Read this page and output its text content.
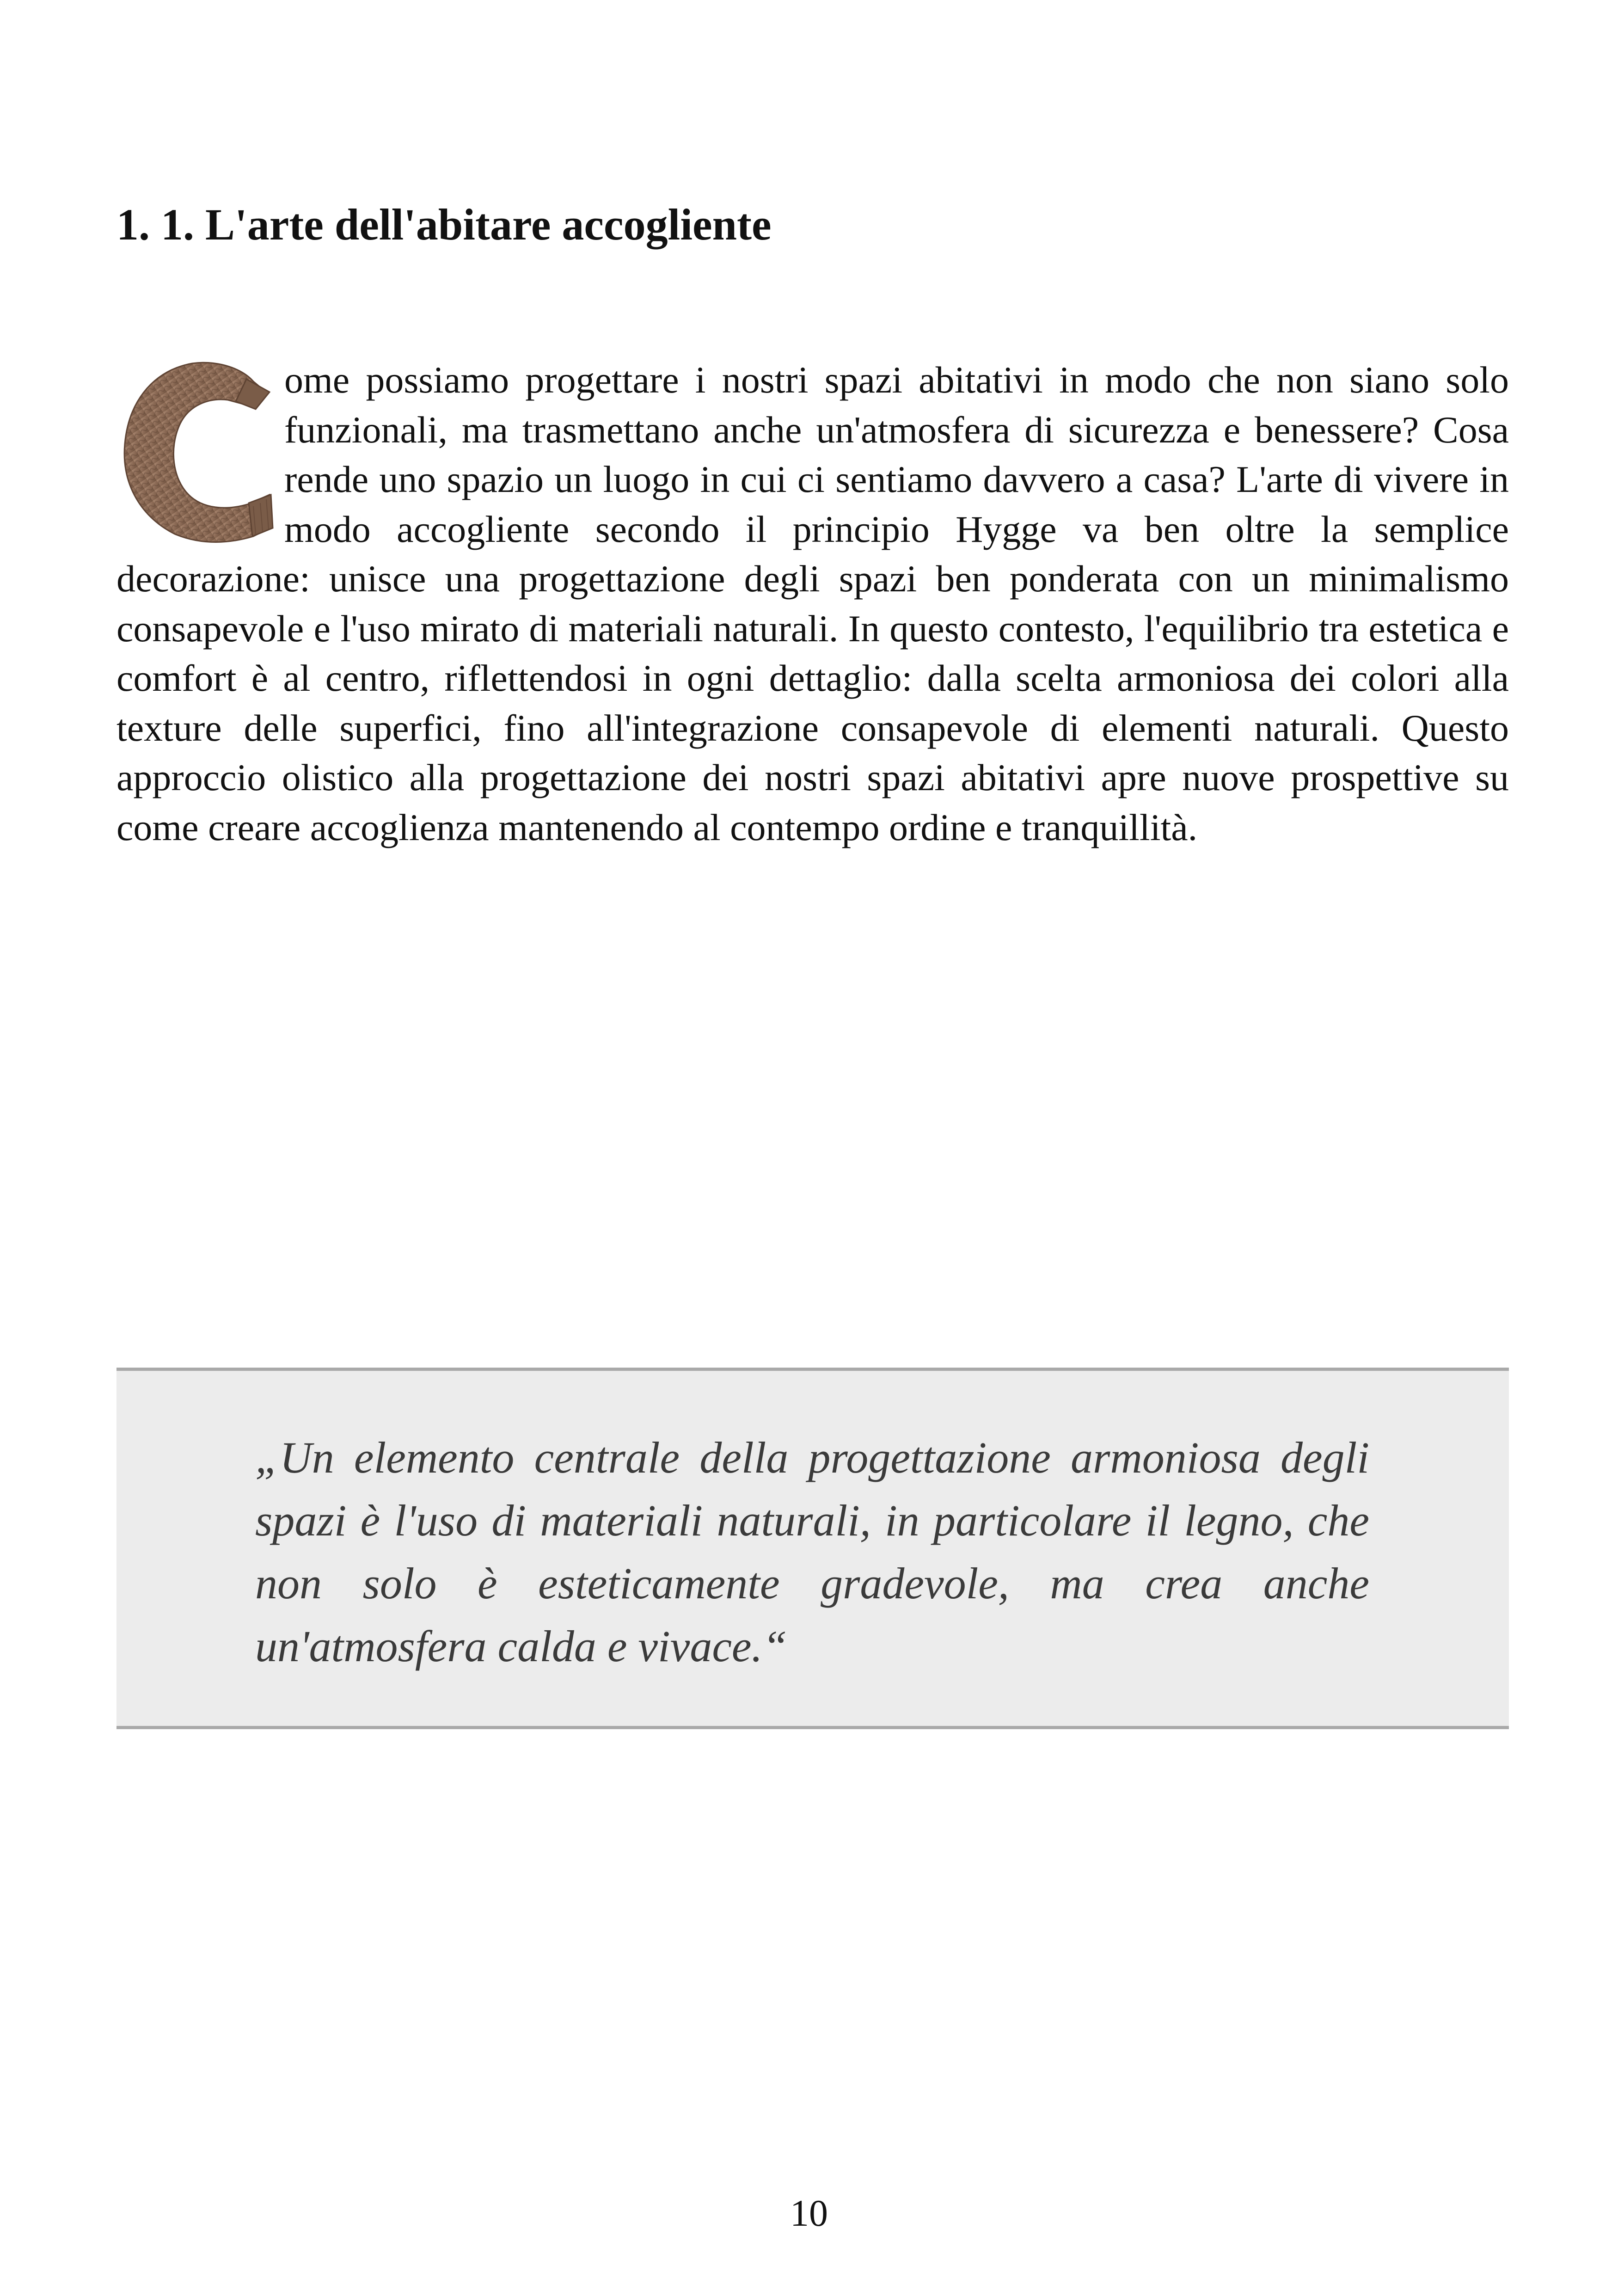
1. 1. L'arte dell'abitare accogliente

ome possiamo progettare i nostri spazi abitativi in modo che non siano solo funzionali, ma trasmettano anche un'atmosfera di sicurezza e benessere? Cosa rende uno spazio un luogo in cui ci sentiamo davvero a casa? L'arte di vivere in modo accogliente secondo il principio Hygge va ben oltre la semplice decorazione: unisce una progettazione degli spazi ben ponderata con un minimalismo consapevole e l'uso mirato di materiali naturali. In questo contesto, l'equilibrio tra estetica e comfort è al centro, riflettendosi in ogni dettaglio: dalla scelta armoniosa dei colori alla texture delle superfici, fino all'integrazione consapevole di elementi naturali. Questo approccio olistico alla progettazione dei nostri spazi abitativi apre nuove prospettive su come creare accoglienza mantenendo al contempo ordine e tranquillità.

„Un elemento centrale della progettazione armoniosa degli spazi è l'uso di materiali naturali, in particolare il legno, che non solo è esteticamente gradevole, ma crea anche un'atmosfera calda e vivace.“

10
